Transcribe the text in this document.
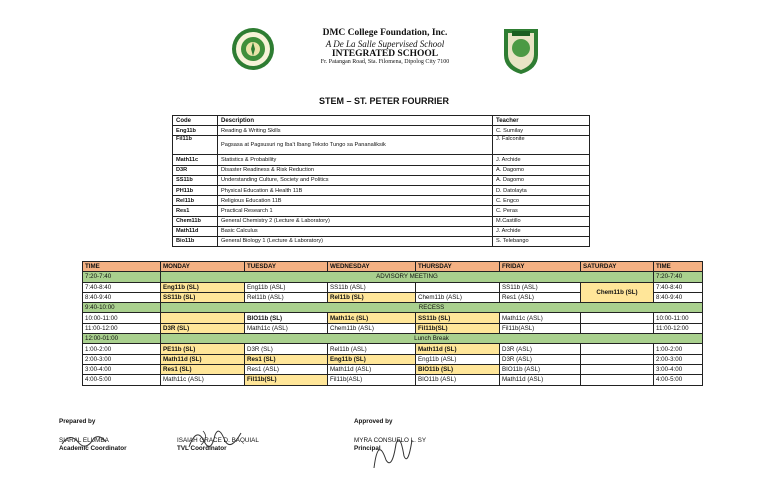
DMC College Foundation, Inc.
A De La Salle Supervised School
INTEGRATED SCHOOL
Fr. Patangan Road, Sta. Filomena, Dipolog City 7100
STEM – ST. PETER FOURRIER
Code	Description	Teacher
Eng11b	Reading & Writing Skills	C. Sumilay
Fil11b	Pagsasa at Pagsusuri ng Iba't Ibang Teksto Tungo sa Pananaliksik	J. Falconite
Math11c	Statistics & Probability	J. Archide
D3R	Disaster Readiness & Risk Reduction	A. Dagomo
SS11b	Understanding Culture, Society and Politics	A. Dagomo
PH11b	Physical Education & Health 11B	D. Datolayta
Rel11b	Religious Education 11B	C. Engco
Res1	Practical Research 1	C. Peras
Chem11b	General Chemistry 2 (Lecture & Laboratory)	M.Castillo
Math11d	Basic Calculus	J. Archide
Bio11b	General Biology 1 (Lecture & Laboratory)	S. Telebango
TIME	MONDAY	TUESDAY	WEDNESDAY	THURSDAY	FRIDAY	SATURDAY	TIME
7:20-7:40	ADVISORY MEETING						7:20-7:40
7:40-8:40	Eng11b (SL)	Eng11b (ASL)	SS11b (ASL)		SS11b (ASL)	Chem11b (SL)	7:40-8:40
8:40-9:40	SS11b (SL)	Rel11b (ASL)	Rel11b (SL)	Chem11b (ASL)	Res1 (ASL)		8:40-9:40
9:40-10:00	RECESS						
10:00-11:00		BIO11b (SL)	Math11c (SL)	SS11b (SL)	Math11c (ASL)		10:00-11:00
11:00-12:00	D3R (SL)	Math11c (ASL)	Chem11b (ASL)	Fil11b(SL)	Fil11b(ASL)		11:00-12:00
12:00-01:00	Lunch Break						
1:00-2:00	PE11b (SL)	D3R (SL)	Rel11b (ASL)	Math11d (SL)	D3R (ASL)		1:00-2:00
2:00-3:00	Math11d (SL)	Res1 (SL)	Eng11b (SL)	Eng11b (ASL)	D3R (ASL)		2:00-3:00
3:00-4:00	Res1 (SL)	Res1 (ASL)	Math11d (ASL)	BIO11b (SL)	BIO11b (ASL)		3:00-4:00
4:00-5:00	Math11c (ASL)	Fil11b(SL)	Fil11b(ASL)	BIO11b (ASL)	Math11d (ASL)		4:00-5:00
Prepared by
SIARAL ELUMBA
Academic Coordinator
ISAIAH GRACE D. BAQUIAL
TVL Coordinator
Approved by
MYRA CONSUELO L. SY
Principal
